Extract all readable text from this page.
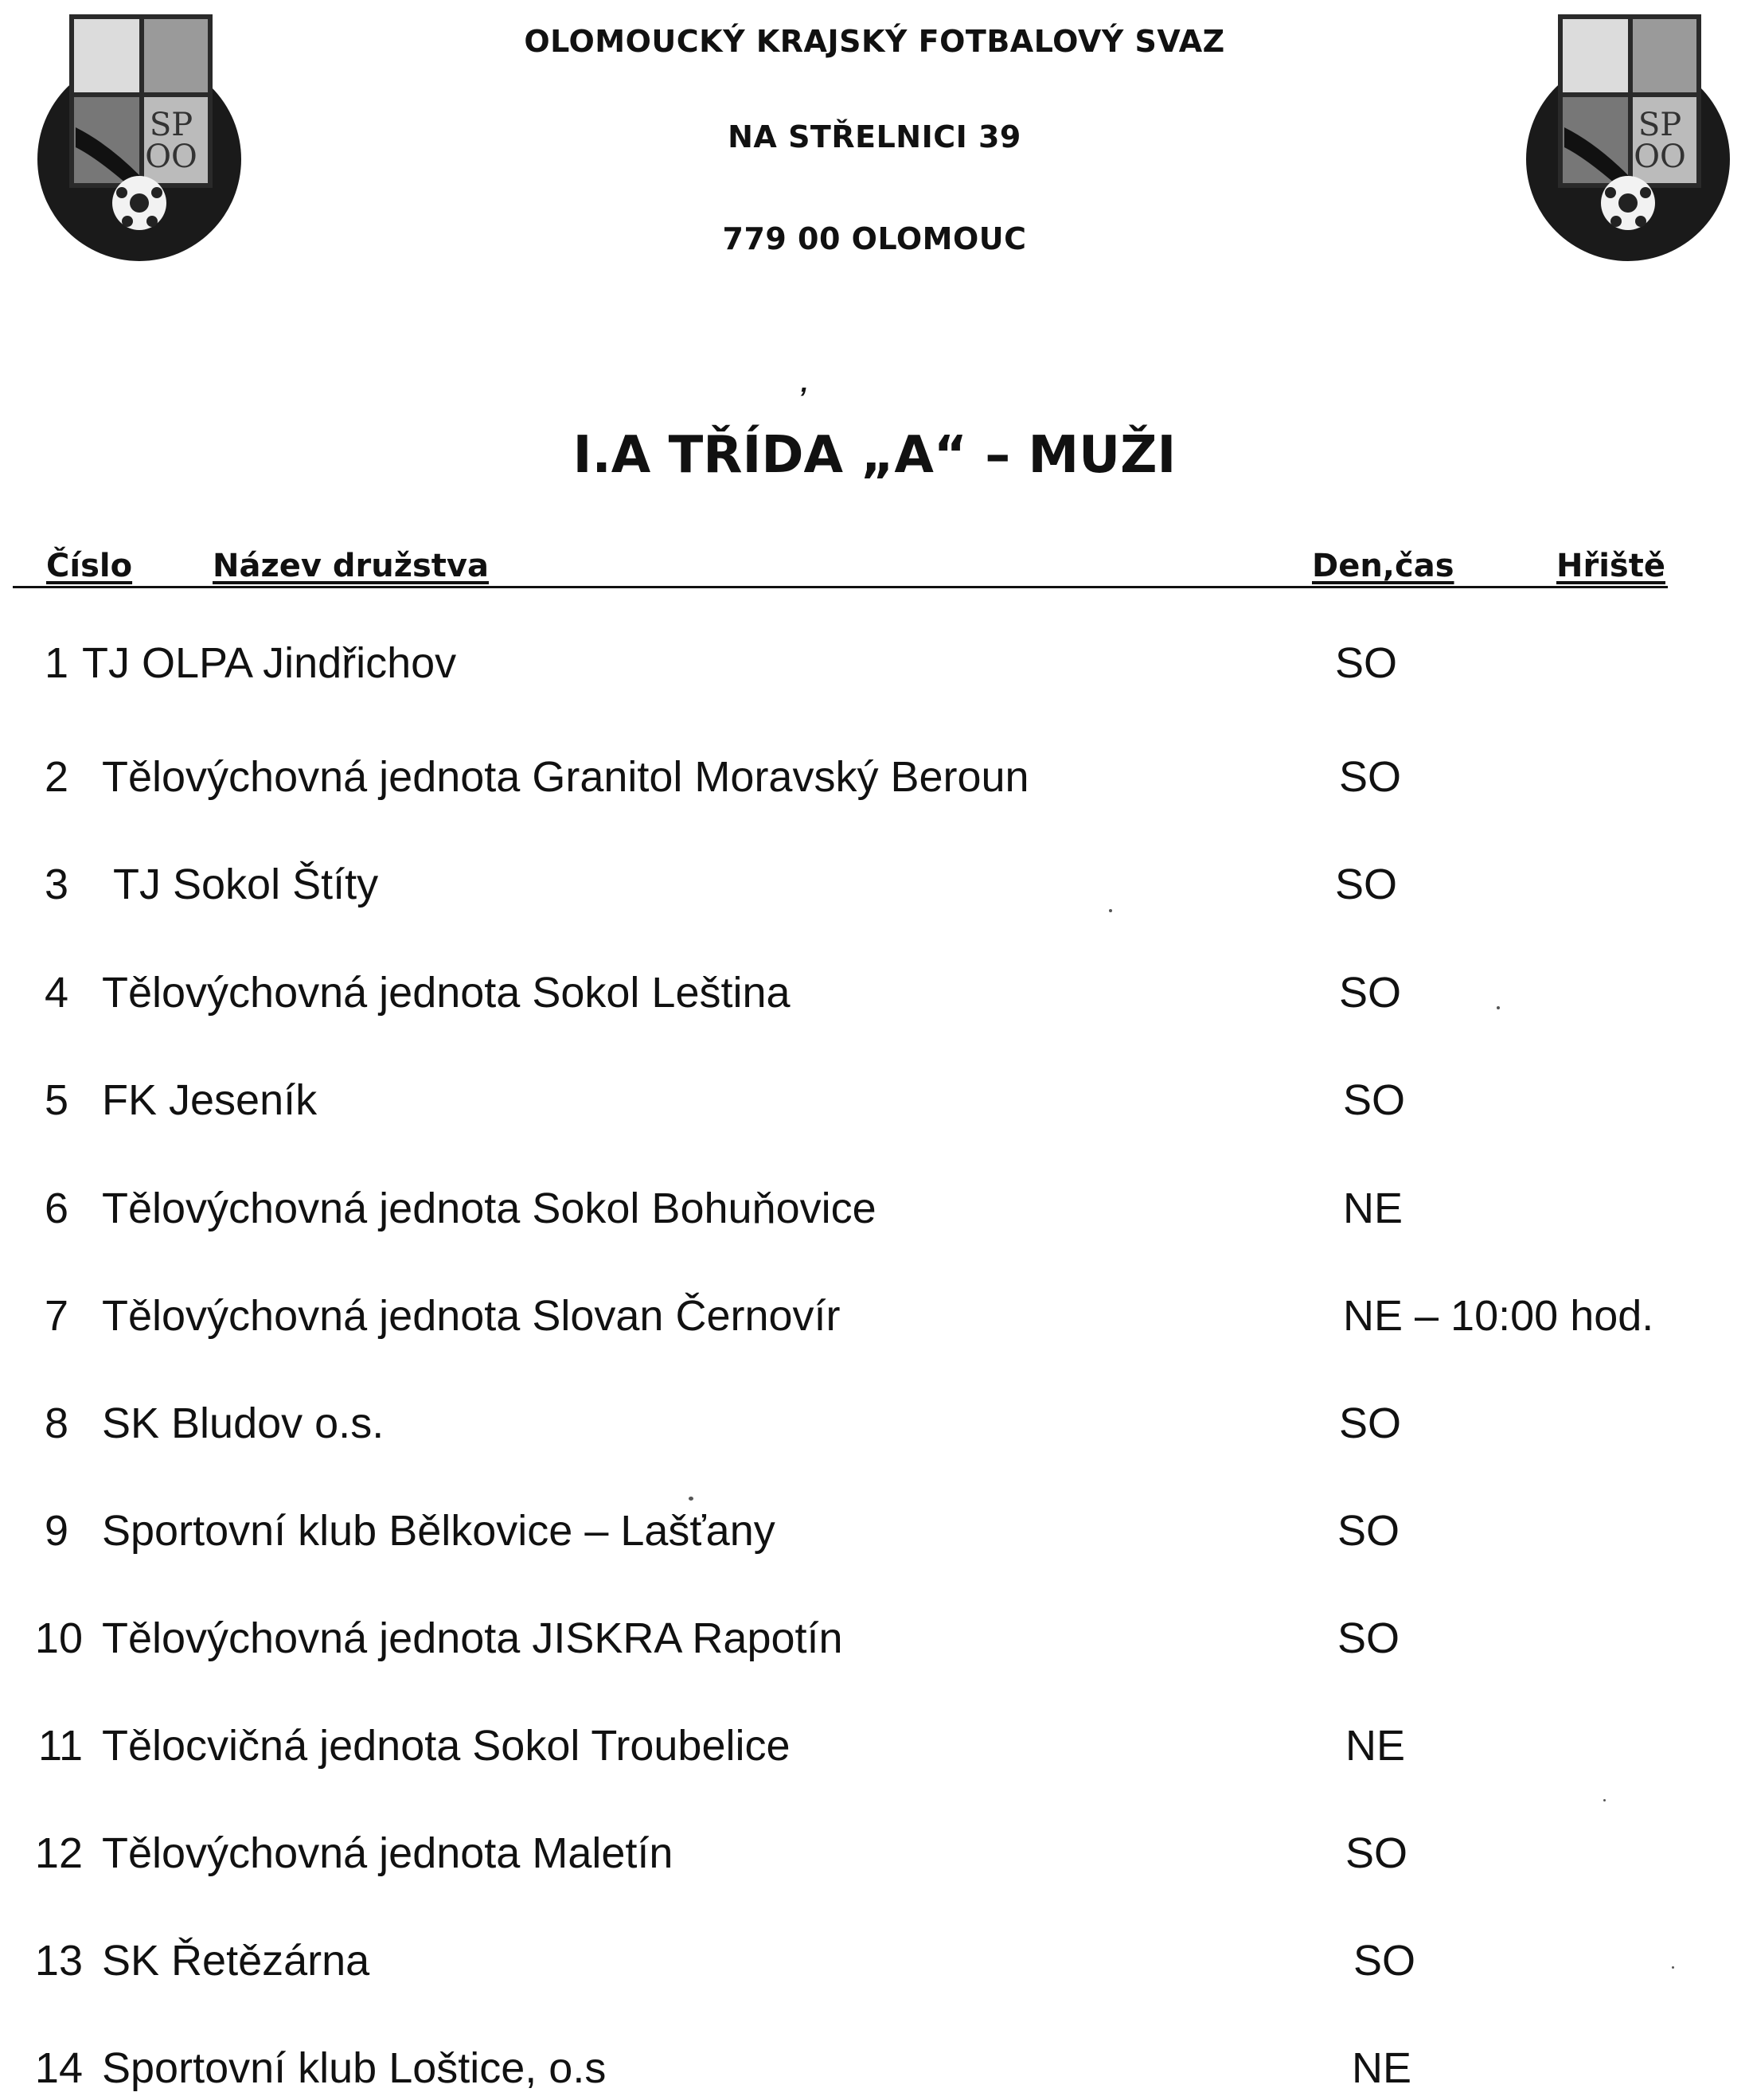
SP
OO
SP
OO
OLOMOUCKÝ KRAJSKÝ FOTBALOVÝ SVAZ
NA STŘELNICI 39
779 00 OLOMOUC
,
I.A TŘÍDA „A“ – MUŽI
Číslo	Název družstva	Den,čas	Hřiště
1 TJ OLPA Jindřichov	SO
2 Tělovýchovná jednota Granitol Moravský Beroun	SO
3 TJ Sokol Štíty	SO
4 Tělovýchovná jednota Sokol Leština	SO
5 FK Jeseník	SO
6 Tělovýchovná jednota Sokol Bohuňovice	NE
7 Tělovýchovná jednota Slovan Černovír	NE – 10:00 hod.
8 SK Bludov o.s.	SO
9 Sportovní klub Bělkovice – Lašťany	SO
10 Tělovýchovná jednota JISKRA Rapotín	SO
11 Tělocvičná jednota Sokol Troubelice	NE
12 Tělovýchovná jednota Maletín	SO
13 SK Řetězárna	SO
14 Sportovní klub Loštice, o.s	NE
